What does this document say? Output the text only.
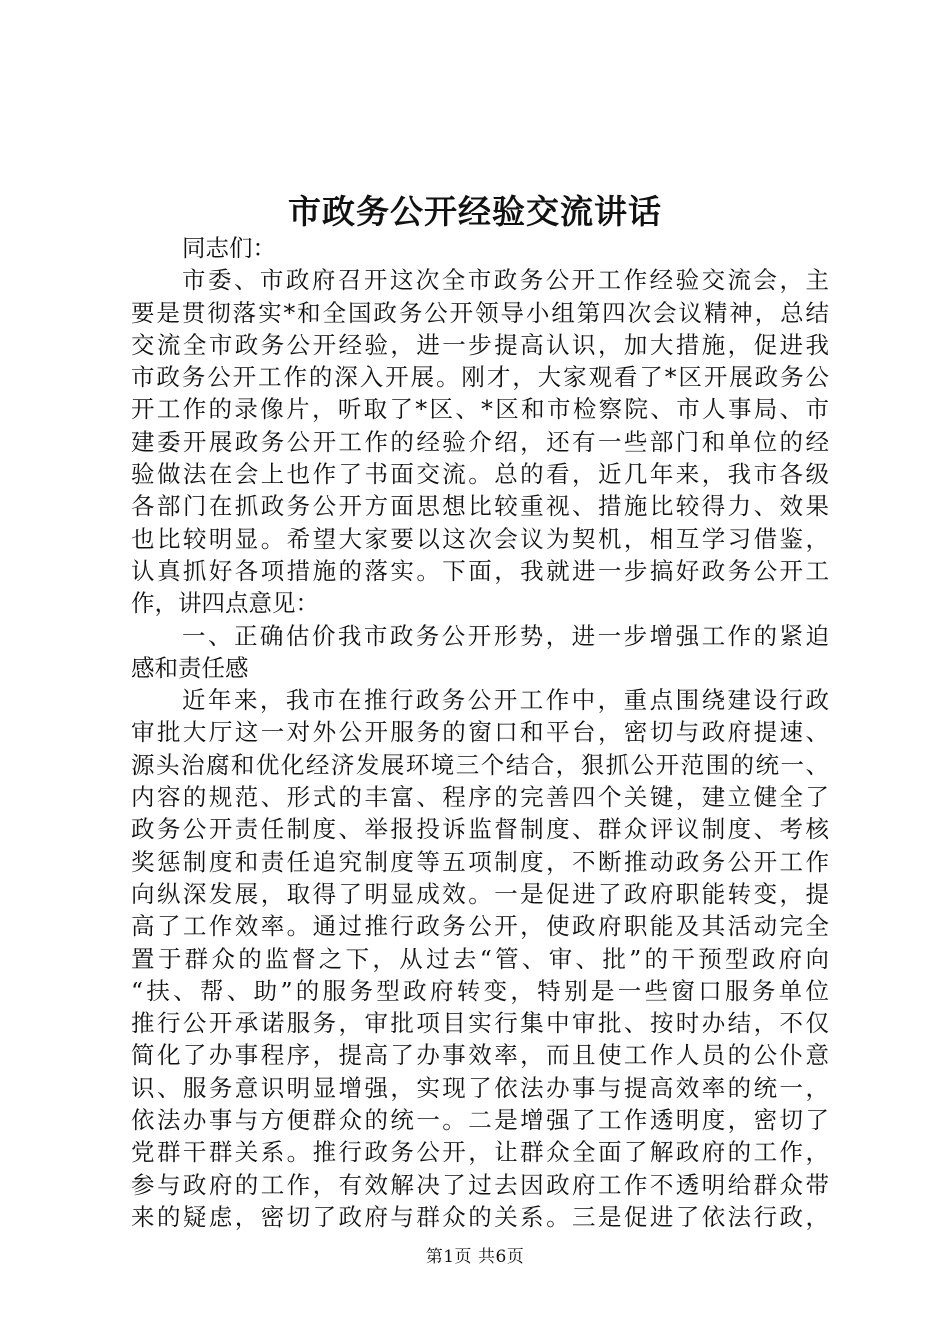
市政务公开经验交流讲话
同志们：
市委、市政府召开这次全市政务公开工作经验交流会，主
要是贯彻落实*和全国政务公开领导小组第四次会议精神，总结
交流全市政务公开经验，进一步提高认识，加大措施，促进我
市政务公开工作的深入开展。刚才，大家观看了*区开展政务公
开工作的录像片，听取了*区、*区和市检察院、市人事局、市
建委开展政务公开工作的经验介绍，还有一些部门和单位的经
验做法在会上也作了书面交流。总的看，近几年来，我市各级
各部门在抓政务公开方面思想比较重视、措施比较得力、效果
也比较明显。希望大家要以这次会议为契机，相互学习借鉴，
认真抓好各项措施的落实。下面，我就进一步搞好政务公开工
作，讲四点意见：
一、正确估价我市政务公开形势，进一步增强工作的紧迫
感和责任感
近年来，我市在推行政务公开工作中，重点围绕建设行政
审批大厅这一对外公开服务的窗口和平台，密切与政府提速、
源头治腐和优化经济发展环境三个结合，狠抓公开范围的统一、
内容的规范、形式的丰富、程序的完善四个关键，建立健全了
政务公开责任制度、举报投诉监督制度、群众评议制度、考核
奖惩制度和责任追究制度等五项制度，不断推动政务公开工作
向纵深发展，取得了明显成效。一是促进了政府职能转变，提
高了工作效率。通过推行政务公开，使政府职能及其活动完全
置于群众的监督之下，从过去“管、审、批”的干预型政府向
“扶、帮、助”的服务型政府转变，特别是一些窗口服务单位
推行公开承诺服务，审批项目实行集中审批、按时办结，不仅
简化了办事程序，提高了办事效率，而且使工作人员的公仆意
识、服务意识明显增强，实现了依法办事与提高效率的统一，
依法办事与方便群众的统一。二是增强了工作透明度，密切了
党群干群关系。推行政务公开，让群众全面了解政府的工作，
参与政府的工作，有效解决了过去因政府工作不透明给群众带
来的疑虑，密切了政府与群众的关系。三是促进了依法行政，
第1页 共6页
